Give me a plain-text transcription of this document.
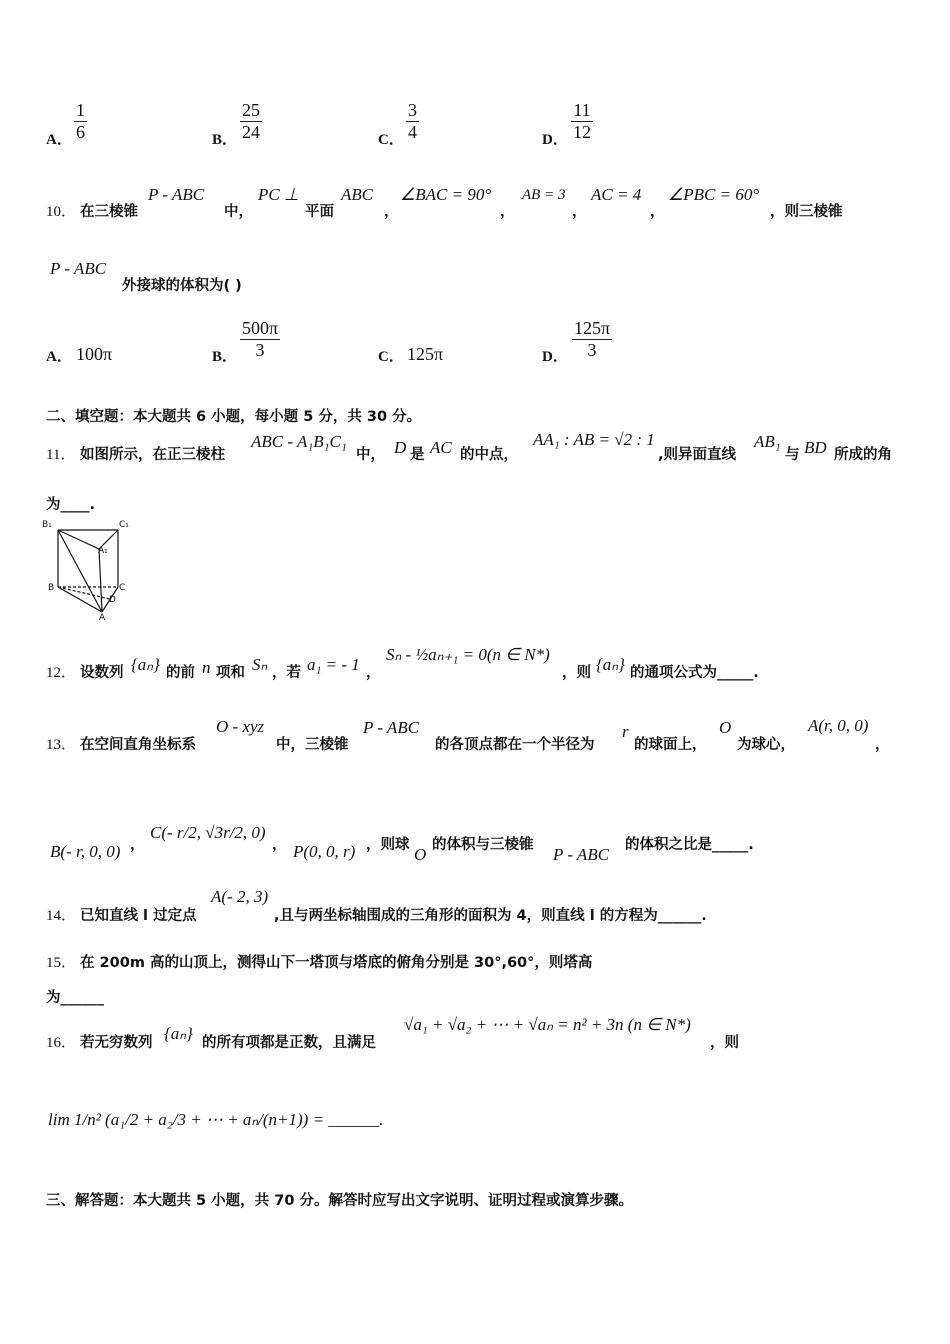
A． $\frac{1}{6}$	B． $\frac{25}{24}$	C． $\frac{3}{4}$	D． $\frac{11}{12}$
10． 在三棱锥
P - ABC
中，
PC ⊥
平面
ABC
，
∠BAC = 90°
，
AB = 3
，
AC = 4
，
∠PBC = 60°
，则三棱锥
P - ABC
外接球的体积为( )
A． 100π	B． $\frac{500\pi}{3}$	C． 125π	D． $\frac{125\pi}{3}$
二、填空题：本大题共 6 小题，每小题 5 分，共 30 分。
11． 如图所示，在正三棱柱
ABC - A₁B₁C₁
中， D 是 AC 的中点，
AA₁ : AB = √2 : 1
,则异面直线
AB₁
与 BD 所成的角
为____.
B₁	C₁
A₁
B	C
D
A
12． 设数列 {aₙ} 的前 n 项和 Sₙ ，若 a₁ = - 1 ，
Sₙ - ½aₙ₊₁ = 0(n ∈ N*)
，则 {aₙ} 的通项公式为_____.
13． 在空间直角坐标系
O - xyz
中，三棱锥
P - ABC
的各顶点都在一个半径为
r
的球面上，
O
为球心，
A(r, 0, 0)
，
B(- r, 0, 0) ，
C(- r/2, √3r/2, 0)
， P(0, 0, r) ，则球 O 的体积与三棱锥 P - ABC 的体积之比是_____.
14． 已知直线 l 过定点
A(- 2, 3)
,且与两坐标轴围成的三角形的面积为 4，则直线 l 的方程为______.
15． 在 200m 高的山顶上，测得山下一塔顶与塔底的俯角分别是 30°,60°，则塔高
为______
16． 若无穷数列 {aₙ} 的所有项都是正数，且满足
√a₁ + √a₂ + ⋯ + √aₙ = n² + 3n (n ∈ N*)
，则
lim 1/n² (a₁/2 + a₂/3 + ⋯ + aₙ/(n+1)) = ______.
三、解答题：本大题共 5 小题，共 70 分。解答时应写出文字说明、证明过程或演算步骤。
